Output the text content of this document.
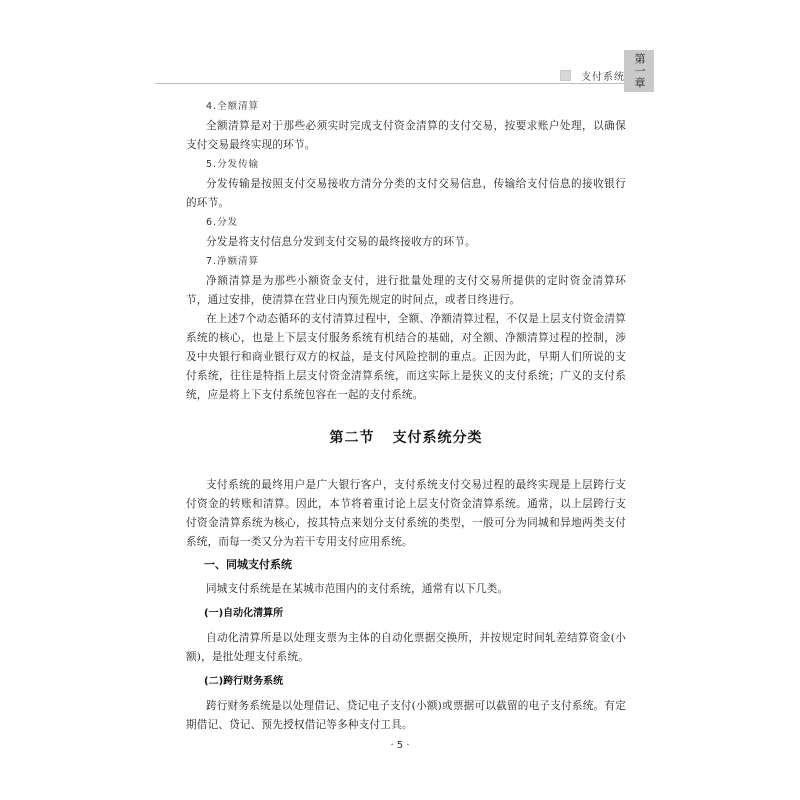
第一章
支付系统
4.全额清算

全额清算是对于那些必须实时完成支付资金清算的支付交易，按要求账户处理，以确保支付交易最终实现的环节。

5.分发传输

分发传输是按照支付交易接收方清分分类的支付交易信息，传输给支付信息的接收银行的环节。

6.分发

分发是将支付信息分发到支付交易的最终接收方的环节。

7.净额清算

净额清算是为那些小额资金支付，进行批量处理的支付交易所提供的定时资金清算环节，通过安排，使清算在营业日内预先规定的时间点，或者日终进行。

在上述7个动态循环的支付清算过程中，全额、净额清算过程，不仅是上层支付资金清算系统的核心，也是上下层支付服务系统有机结合的基础，对全额、净额清算过程的控制，涉及中央银行和商业银行双方的权益，是支付风险控制的重点。正因为此，早期人们所说的支付系统，往往是特指上层支付资金清算系统，而这实际上是狭义的支付系统；广义的支付系统，应是将上下支付系统包容在一起的支付系统。

第二节 支付系统分类

支付系统的最终用户是广大银行客户，支付系统支付交易过程的最终实现是上层跨行支付资金的转账和清算。因此，本节将着重讨论上层支付资金清算系统。通常，以上层跨行支付资金清算系统为核心，按其特点来划分支付系统的类型，一般可分为同城和异地两类支付系统，而每一类又分为若干专用支付应用系统。

一、同城支付系统

同城支付系统是在某城市范围内的支付系统，通常有以下几类。

(一)自动化清算所

自动化清算所是以处理支票为主体的自动化票据交换所，并按规定时间轧差结算资金(小额)，是批处理支付系统。

(二)跨行财务系统

跨行财务系统是以处理借记、贷记电子支付(小额)或票据可以截留的电子支付系统。有定期借记、贷记、预先授权借记等多种支付工具。

· 5 ·
